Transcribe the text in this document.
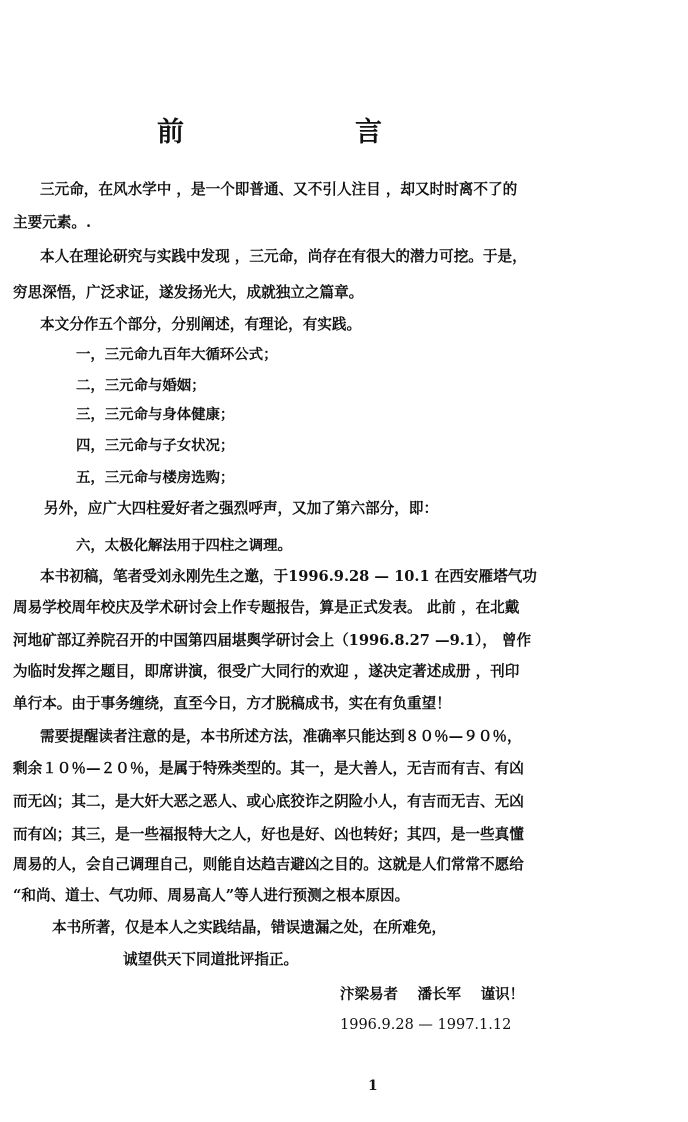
前	言
三元命，在风水学中 ，是一个即普通、又不引人注目 ，却又时时离不了的
主要元素。.
本人在理论研究与实践中发现 ，三元命，尚存在有很大的潜力可挖。于是，
穷思深悟，广泛求证，遂发扬光大，成就独立之篇章。
本文分作五个部分，分别阐述，有理论，有实践。
一，三元命九百年大循环公式；
二，三元命与婚姻；
三，三元命与身体健康；
四，三元命与子女状况；
五，三元命与楼房选购；
另外，应广大四柱爱好者之强烈呼声，又加了第六部分，即：
六，太极化解法用于四柱之调理。
本书初稿，笔者受刘永刚先生之邀，于1996.9.28 — 10.1 在西安雁塔气功
周易学校周年校庆及学术研讨会上作专题报告，算是正式发表。 此前 ，在北戴
河地矿部辽养院召开的中国第四届堪舆学研讨会上（1996.8.27 —9.1）， 曾作
为临时发挥之题目，即席讲演，很受广大同行的欢迎 ，遂决定著述成册 ，刊印
单行本。由于事务缠绕，直至今日，方才脱稿成书，实在有负重望！
需要提醒读者注意的是，本书所述方法，准确率只能达到８０％—９０％，
剩余１０％—２０％，是属于特殊类型的。其一，是大善人，无吉而有吉、有凶
而无凶；其二，是大奸大恶之恶人、或心底狡诈之阴险小人，有吉而无吉、无凶
而有凶；其三，是一些福报特大之人，好也是好、凶也转好；其四，是一些真懂
周易的人，会自己调理自己，则能自达趋吉避凶之目的。这就是人们常常不愿给
“和尚、道士、气功师、周易高人”等人进行预测之根本原因。
本书所著，仅是本人之实践结晶，错误遗漏之处，在所难免，
诚望供天下同道批评指正。
汴梁易者　 潘长军　 谨识！
1996.9.28 — 1997.1.12
1
